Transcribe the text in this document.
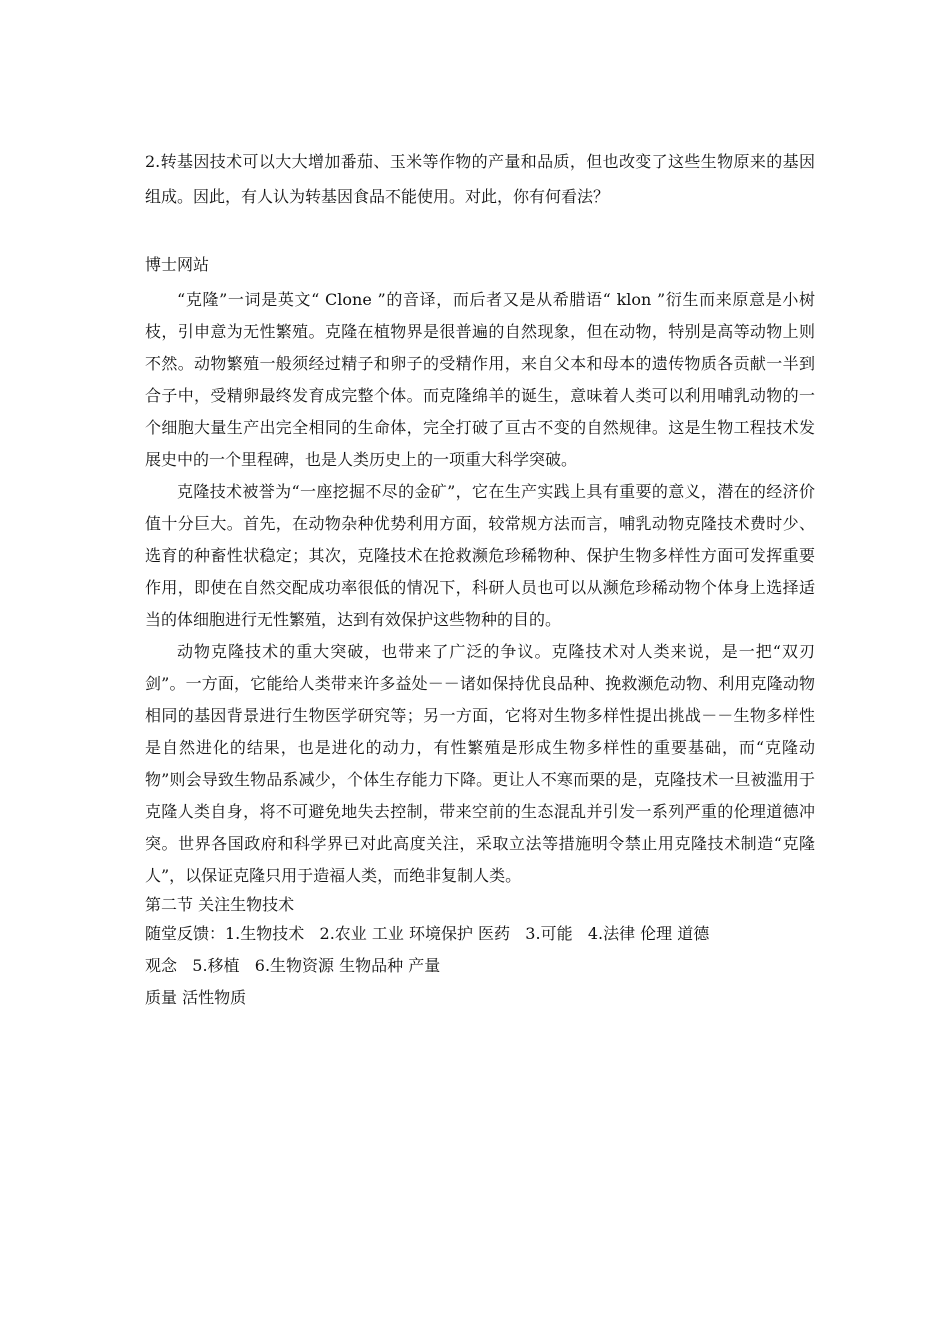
2.转基因技术可以大大增加番茄、玉米等作物的产量和品质，但也改变了这些生物原来的基因组成。因此，有人认为转基因食品不能使用。对此，你有何看法？

博士网站

“克隆”一词是英文“ Clone ”的音译，而后者又是从希腊语“ klon ”衍生而来原意是小树枝，引申意为无性繁殖。克隆在植物界是很普遍的自然现象，但在动物，特别是高等动物上则不然。动物繁殖一般须经过精子和卵子的受精作用，来自父本和母本的遗传物质各贡献一半到合子中，受精卵最终发育成完整个体。而克隆绵羊的诞生，意味着人类可以利用哺乳动物的一个细胞大量生产出完全相同的生命体，完全打破了亘古不变的自然规律。这是生物工程技术发展史中的一个里程碑，也是人类历史上的一项重大科学突破。

克隆技术被誉为“一座挖掘不尽的金矿”，它在生产实践上具有重要的意义，潜在的经济价值十分巨大。首先，在动物杂种优势利用方面，较常规方法而言，哺乳动物克隆技术费时少、选育的种畜性状稳定；其次，克隆技术在抢救濒危珍稀物种、保护生物多样性方面可发挥重要作用，即使在自然交配成功率很低的情况下，科研人员也可以从濒危珍稀动物个体身上选择适当的体细胞进行无性繁殖，达到有效保护这些物种的目的。

动物克隆技术的重大突破，也带来了广泛的争议。克隆技术对人类来说，是一把“双刃剑”。一方面，它能给人类带来许多益处－－诸如保持优良品种、挽救濒危动物、利用克隆动物相同的基因背景进行生物医学研究等；另一方面，它将对生物多样性提出挑战－－生物多样性是自然进化的结果，也是进化的动力，有性繁殖是形成生物多样性的重要基础，而“克隆动物”则会导致生物品系减少，个体生存能力下降。更让人不寒而栗的是，克隆技术一旦被滥用于克隆人类自身，将不可避免地失去控制，带来空前的生态混乱并引发一系列严重的伦理道德冲突。世界各国政府和科学界已对此高度关注，采取立法等措施明令禁止用克隆技术制造“克隆人”，以保证克隆只用于造福人类，而绝非复制人类。

第二节 关注生物技术

随堂反馈：1.生物技术   2.农业 工业 环境保护 医药   3.可能   4.法律 伦理 道德
观念   5.移植   6.生物资源 生物品种 产量
质量 活性物质
